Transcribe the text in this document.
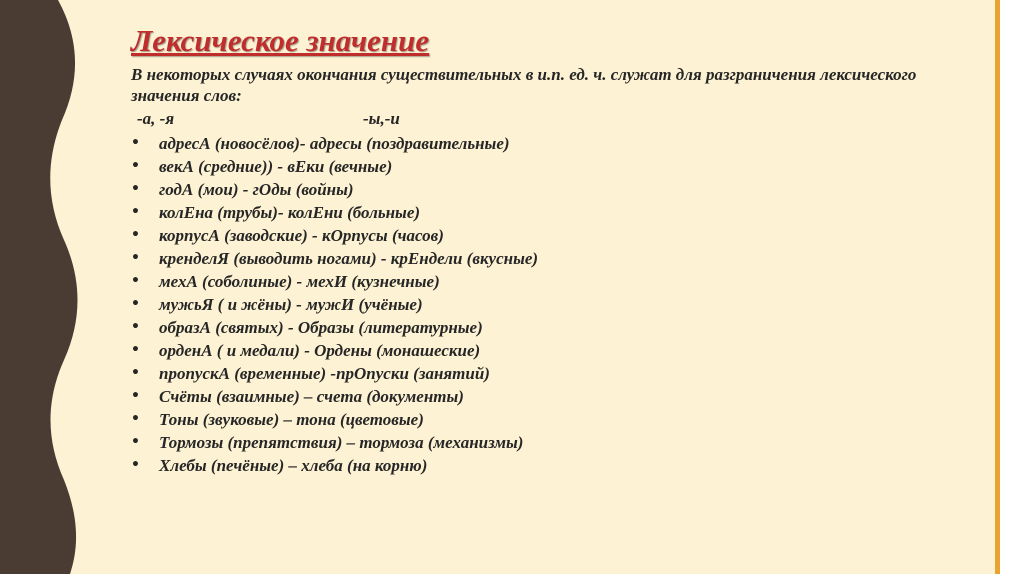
Лексическое значение

В некоторых случаях окончания существительных в и.п. ед. ч. служат для разграничения лексического значения слов:

-а, -я	-ы,-и
• адресА (новосёлов)- адресы (поздравительные)
• векА (средние)) - вЕки (вечные)
• годА (мои) - гОды (войны)
• колЕна (трубы)- колЕни (больные)
• корпусА (заводские) - кОрпусы (часов)
• кренделЯ (выводить ногами) - крЕндели (вкусные)
• мехА (соболиные) - мехИ (кузнечные)
• мужьЯ ( и жёны) - мужИ (учёные)
• образА (святых) - Образы (литературные)
• орденА ( и медали) - Ордены (монашеские)
• пропускА (временные) -прОпуски (занятий)
• Счёты (взаимные) – счета (документы)
• Тоны (звуковые) – тона (цветовые)
• Тормозы (препятствия) – тормоза (механизмы)
• Хлебы (печёные) – хлеба (на корню)
